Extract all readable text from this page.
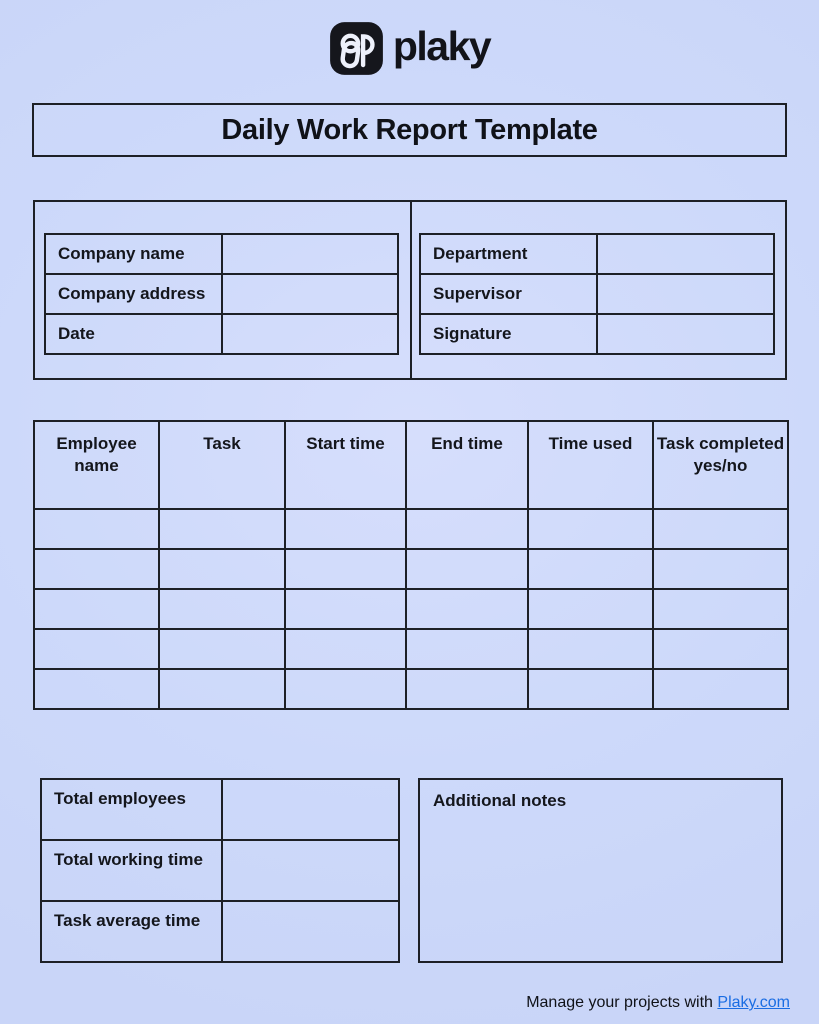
plaky
Daily Work Report Template
Company name	
Company address	
Date	
Department	
Supervisor	
Signature	
Employee name	Task	Start time	End time	Time used	Task completed yes/no

Total employees	
Total working time	
Task average time	
Additional notes
Manage your projects with Plaky.com
